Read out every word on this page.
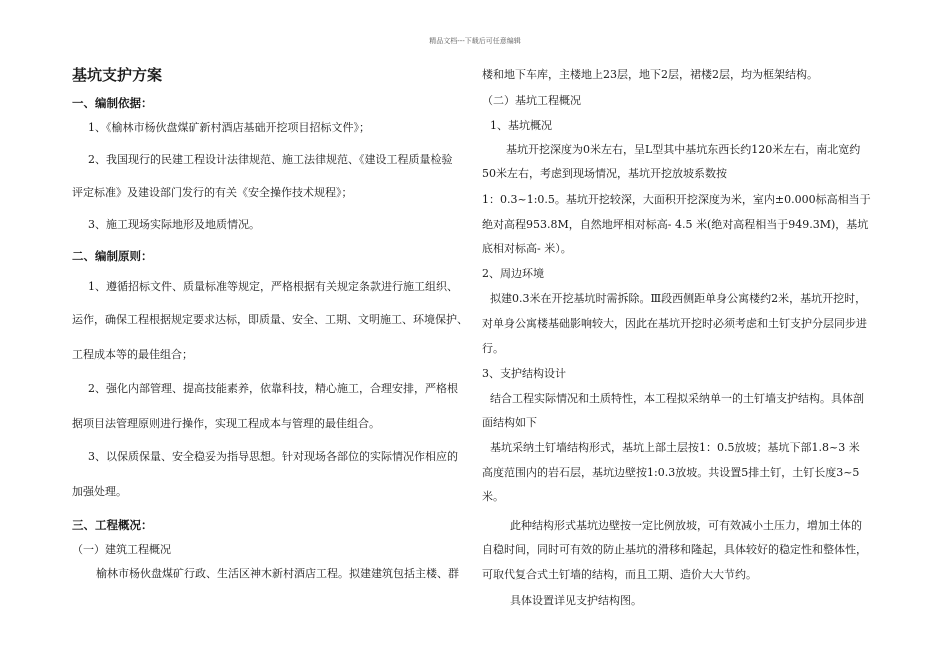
精品文档---下载后可任意编辑
基坑支护方案
一、编制依据：
1、《榆林市杨伙盘煤矿新村酒店基础开挖项目招标文件》；
2、我国现行的民建工程设计法律规范、施工法律规范、《建设工程质量检验
评定标准》及建设部门发行的有关《安全操作技术规程》；
3、施工现场实际地形及地质情况。
二、编制原则：
1、遵循招标文件、质量标准等规定，严格根据有关规定条款进行施工组织、
运作，确保工程根据规定要求达标，即质量、安全、工期、文明施工、环境保护、
工程成本等的最佳组合；
2、强化内部管理、提高技能素养，依靠科技，精心施工，合理安排，严格根
据项目法管理原则进行操作，实现工程成本与管理的最佳组合。
3、以保质保量、安全稳妥为指导思想。针对现场各部位的实际情况作相应的
加强处理。
三、工程概况：
（一）建筑工程概况
榆林市杨伙盘煤矿行政、生活区神木新村酒店工程。拟建建筑包括主楼、群
楼和地下车库，主楼地上23层，地下2层，裙楼2层，均为框架结构。
（二）基坑工程概况
1、基坑概况
基坑开挖深度为0米左右，呈L型其中基坑东西长约120米左右，南北宽约
50米左右，考虑到现场情况，基坑开挖放坡系数按
1：0.3~1:0.5。基坑开挖较深，大面积开挖深度为米，室内±0.000标高相当于
绝对高程953.8M，自然地坪相对标高- 4.5 米(绝对高程相当于949.3M)，基坑
底相对标高- 米）。
2、周边环境
拟建0.3米在开挖基坑时需拆除。Ⅲ段西侧距单身公寓楼约2米，基坑开挖时，
对单身公寓楼基础影响较大，因此在基坑开挖时必须考虑和土钉支护分层同步进
行。
3、支护结构设计
结合工程实际情况和土质特性，本工程拟采纳单一的土钉墙支护结构。具体剖
面结构如下
基坑采纳土钉墙结构形式，基坑上部土层按1：0.5放坡；基坑下部1.8~3 米
高度范围内的岩石层，基坑边壁按1:0.3放坡。共设置5排土钉，土钉长度3~5
米。
此种结构形式基坑边壁按一定比例放坡，可有效减小土压力，增加土体的
自稳时间，同时可有效的防止基坑的滑移和隆起，具体较好的稳定性和整体性，
可取代复合式土钉墙的结构，而且工期、造价大大节约。
具体设置详见支护结构图。
